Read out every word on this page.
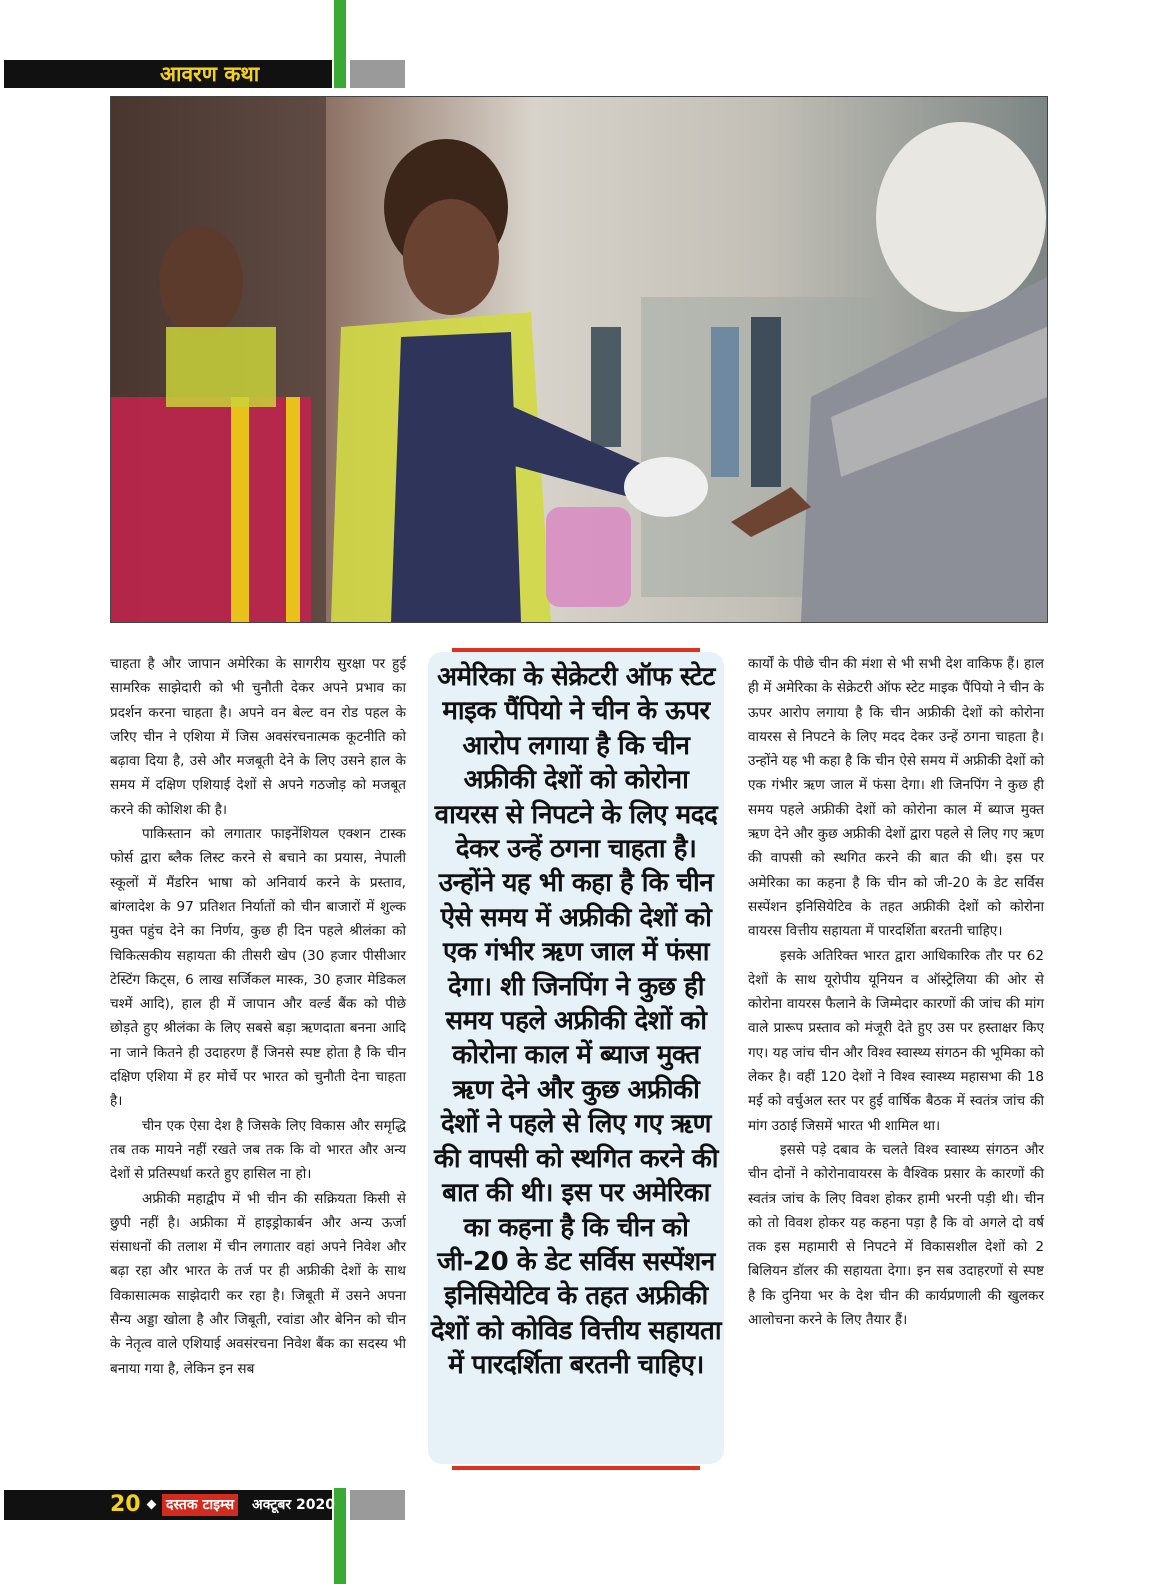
आवरण कथा

चाहता है और जापान अमेरिका के सागरीय सुरक्षा पर हुई सामरिक साझेदारी को भी चुनौती देकर अपने प्रभाव का प्रदर्शन करना चाहता है। अपने वन बेल्ट वन रोड पहल के जरिए चीन ने एशिया में जिस अवसंरचनात्मक कूटनीति को बढ़ावा दिया है, उसे और मजबूती देने के लिए उसने हाल के समय में दक्षिण एशियाई देशों से अपने गठजोड़ को मजबूत करने की कोशिश की है।

पाकिस्तान को लगातार फाइनेंशियल एक्शन टास्क फोर्स द्वारा ब्लैक लिस्ट करने से बचाने का प्रयास, नेपाली स्कूलों में मैंडरिन भाषा को अनिवार्य करने के प्रस्ताव, बांग्लादेश के 97 प्रतिशत निर्यातों को चीन बाजारों में शुल्क मुक्त पहुंच देने का निर्णय, कुछ ही दिन पहले श्रीलंका को चिकित्सकीय सहायता की तीसरी खेप (30 हजार पीसीआर टेस्टिंग किट्स, 6 लाख सर्जिकल मास्क, 30 हजार मेडिकल चश्में आदि), हाल ही में जापान और वर्ल्ड बैंक को पीछे छोड़ते हुए श्रीलंका के लिए सबसे बड़ा ऋणदाता बनना आदि ना जाने कितने ही उदाहरण हैं जिनसे स्पष्ट होता है कि चीन दक्षिण एशिया में हर मोर्चे पर भारत को चुनौती देना चाहता है।

चीन एक ऐसा देश है जिसके लिए विकास और समृद्धि तब तक मायने नहीं रखते जब तक कि वो भारत और अन्य देशों से प्रतिस्पर्धा करते हुए हासिल ना हो।

अफ्रीकी महाद्वीप में भी चीन की सक्रियता किसी से छुपी नहीं है। अफ्रीका में हाइड्रोकार्बन और अन्य ऊर्जा संसाधनों की तलाश में चीन लगातार वहां अपने निवेश और बढ़ा रहा और भारत के तर्ज पर ही अफ्रीकी देशों के साथ विकासात्मक साझेदारी कर रहा है। जिबूती में उसने अपना सैन्य अड्डा खोला है और जिबूती, रवांडा और बेनिन को चीन के नेतृत्व वाले एशियाई अवसंरचना निवेश बैंक का सदस्य भी बनाया गया है, लेकिन इन सब

अमेरिका के सेक्रेटरी ऑफ स्टेट माइक पैंपियो ने चीन के ऊपर आरोप लगाया है कि चीन अफ्रीकी देशों को कोरोना वायरस से निपटने के लिए मदद देकर उन्हें ठगना चाहता है। उन्होंने यह भी कहा है कि चीन ऐसे समय में अफ्रीकी देशों को एक गंभीर ऋण जाल में फंसा देगा। शी जिनपिंग ने कुछ ही समय पहले अफ्रीकी देशों को कोरोना काल में ब्याज मुक्त ऋण देने और कुछ अफ्रीकी देशों ने पहले से लिए गए ऋण की वापसी को स्थगित करने की बात की थी। इस पर अमेरिका का कहना है कि चीन को जी-20 के डेट सर्विस सस्पेंशन इनिसियेटिव के तहत अफ्रीकी देशों को कोविड वित्तीय सहायता में पारदर्शिता बरतनी चाहिए।

कार्यों के पीछे चीन की मंशा से भी सभी देश वाकिफ हैं। हाल ही में अमेरिका के सेक्रेटरी ऑफ स्टेट माइक पैंपियो ने चीन के ऊपर आरोप लगाया है कि चीन अफ्रीकी देशों को कोरोना वायरस से निपटने के लिए मदद देकर उन्हें ठगना चाहता है। उन्होंने यह भी कहा है कि चीन ऐसे समय में अफ्रीकी देशों को एक गंभीर ऋण जाल में फंसा देगा। शी जिनपिंग ने कुछ ही समय पहले अफ्रीकी देशों को कोरोना काल में ब्याज मुक्त ऋण देने और कुछ अफ्रीकी देशों द्वारा पहले से लिए गए ऋण की वापसी को स्थगित करने की बात की थी। इस पर अमेरिका का कहना है कि चीन को जी-20 के डेट सर्विस सस्पेंशन इनिसियेटिव के तहत अफ्रीकी देशों को कोरोना वायरस वित्तीय सहायता में पारदर्शिता बरतनी चाहिए।

इसके अतिरिक्त भारत द्वारा आधिकारिक तौर पर 62 देशों के साथ यूरोपीय यूनियन व ऑस्ट्रेलिया की ओर से कोरोना वायरस फैलाने के जिम्मेदार कारणों की जांच की मांग वाले प्रारूप प्रस्ताव को मंजूरी देते हुए उस पर हस्ताक्षर किए गए। यह जांच चीन और विश्व स्वास्थ्य संगठन की भूमिका को लेकर है। वहीं 120 देशों ने विश्व स्वास्थ्य महासभा की 18 मई को वर्चुअल स्तर पर हुई वार्षिक बैठक में स्वतंत्र जांच की मांग उठाई जिसमें भारत भी शामिल था।

इससे पड़े दबाव के चलते विश्व स्वास्थ्य संगठन और चीन दोनों ने कोरोनावायरस के वैश्विक प्रसार के कारणों की स्वतंत्र जांच के लिए विवश होकर हामी भरनी पड़ी थी। चीन को तो विवश होकर यह कहना पड़ा है कि वो अगले दो वर्ष तक इस महामारी से निपटने में विकासशील देशों को 2 बिलियन डॉलर की सहायता देगा। इन सब उदाहरणों से स्पष्ट है कि दुनिया भर के देश चीन की कार्यप्रणाली की खुलकर आलोचना करने के लिए तैयार हैं।

20 दस्तक टाइम्स अक्टूबर 2020
